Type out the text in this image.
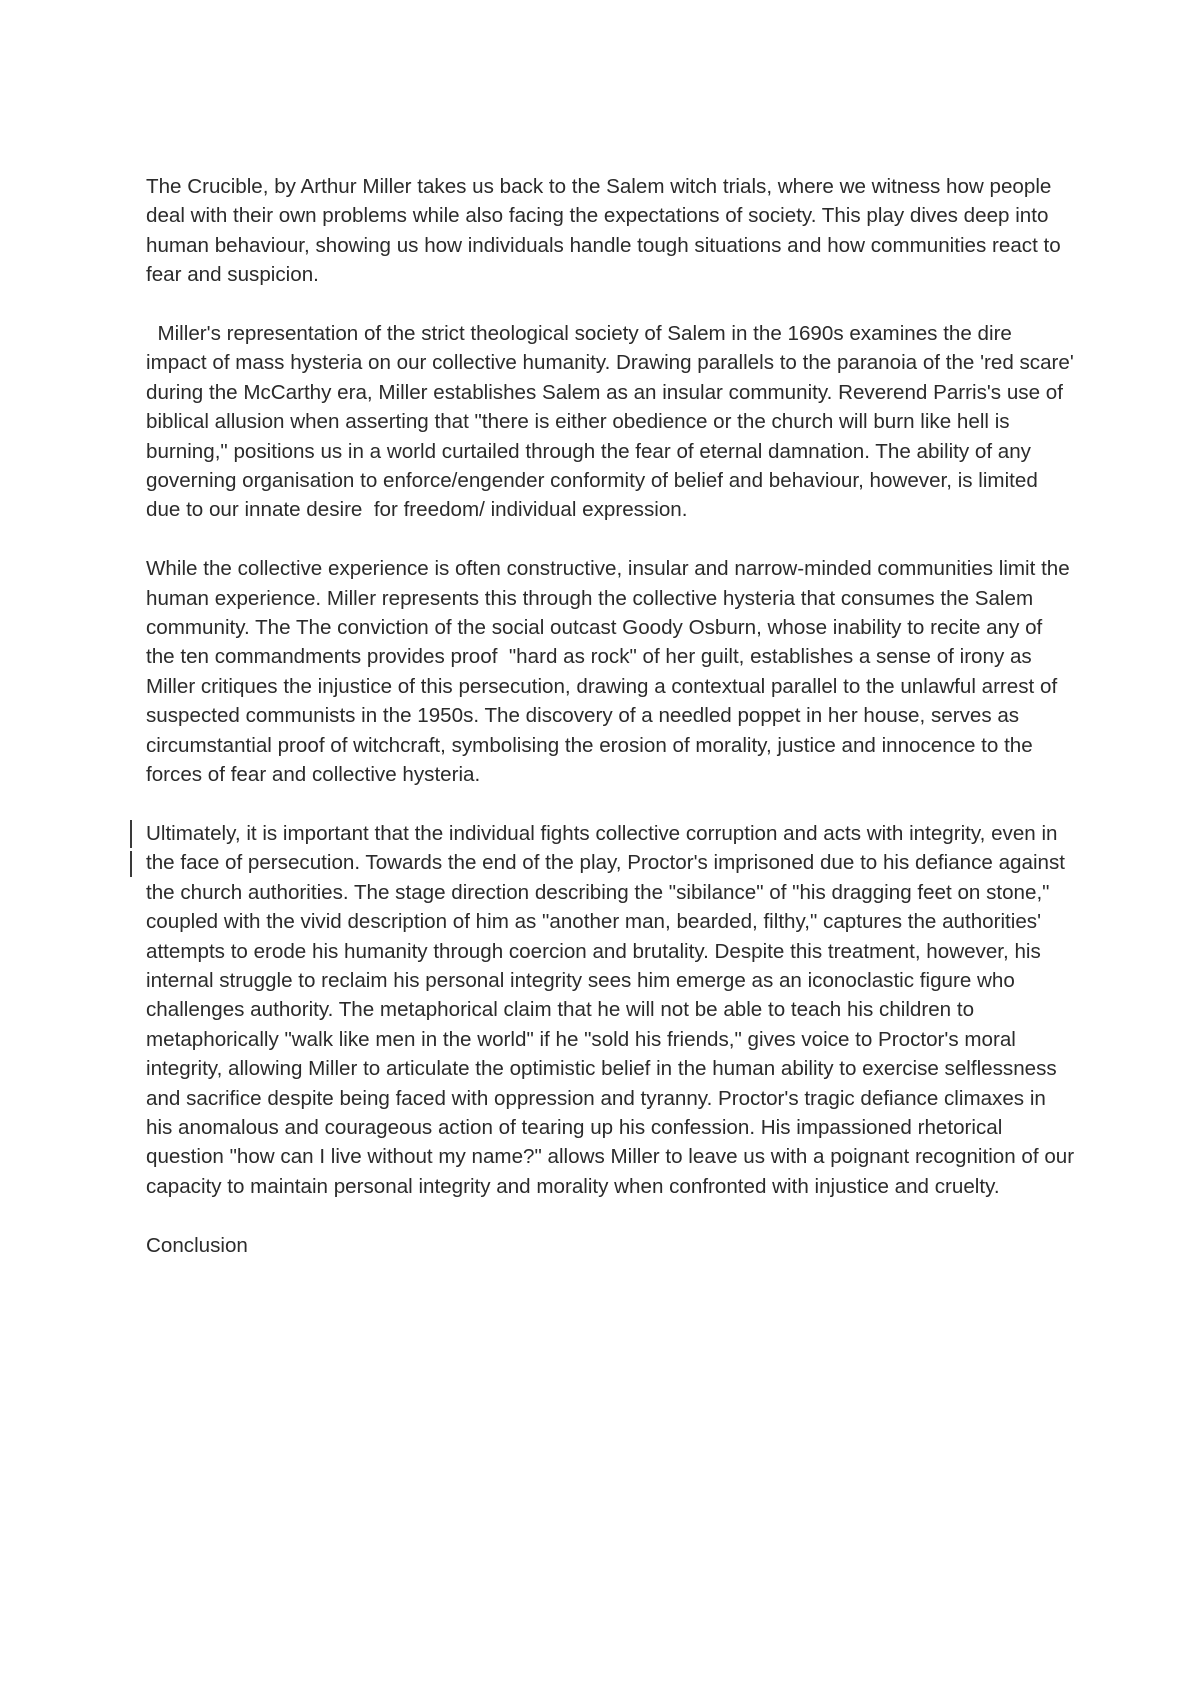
The Crucible, by Arthur Miller takes us back to the Salem witch trials, where we witness how people deal with their own problems while also facing the expectations of society. This play dives deep into human behaviour, showing us how individuals handle tough situations and how communities react to fear and suspicion.

Miller's representation of the strict theological society of Salem in the 1690s examines the dire impact of mass hysteria on our collective humanity. Drawing parallels to the paranoia of the 'red scare' during the McCarthy era, Miller establishes Salem as an insular community. Reverend Parris's use of biblical allusion when asserting that "there is either obedience or the church will burn like hell is burning," positions us in a world curtailed through the fear of eternal damnation. The ability of any governing organisation to enforce/engender conformity of belief and behaviour, however, is limited due to our innate desire  for freedom/ individual expression.

While the collective experience is often constructive, insular and narrow-minded communities limit the human experience. Miller represents this through the collective hysteria that consumes the Salem community. The The conviction of the social outcast Goody Osburn, whose inability to recite any of the ten commandments provides proof  "hard as rock" of her guilt, establishes a sense of irony as Miller critiques the injustice of this persecution, drawing a contextual parallel to the unlawful arrest of suspected communists in the 1950s. The discovery of a needled poppet in her house, serves as circumstantial proof of witchcraft, symbolising the erosion of morality, justice and innocence to the forces of fear and collective hysteria.

Ultimately, it is important that the individual fights collective corruption and acts with integrity, even in the face of persecution. Towards the end of the play, Proctor's imprisoned due to his defiance against the church authorities. The stage direction describing the "sibilance" of "his dragging feet on stone," coupled with the vivid description of him as "another man, bearded, filthy," captures the authorities' attempts to erode his humanity through coercion and brutality. Despite this treatment, however, his internal struggle to reclaim his personal integrity sees him emerge as an iconoclastic figure who challenges authority. The metaphorical claim that he will not be able to teach his children to metaphorically "walk like men in the world" if he "sold his friends," gives voice to Proctor's moral integrity, allowing Miller to articulate the optimistic belief in the human ability to exercise selflessness and sacrifice despite being faced with oppression and tyranny. Proctor's tragic defiance climaxes in his anomalous and courageous action of tearing up his confession. His impassioned rhetorical question "how can I live without my name?" allows Miller to leave us with a poignant recognition of our capacity to maintain personal integrity and morality when confronted with injustice and cruelty.

Conclusion
